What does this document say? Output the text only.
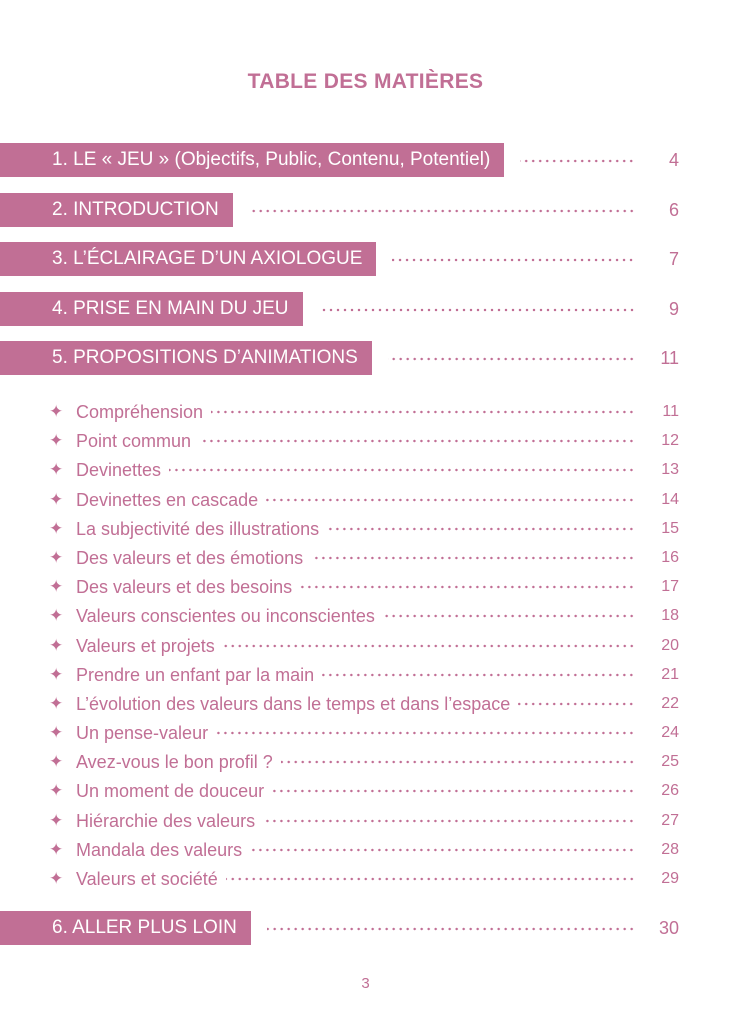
TABLE DES MATIÈRES
1. LE « JEU » (Objectifs, Public, Contenu, Potentiel)	4
2. INTRODUCTION	6
3. L’ÉCLAIRAGE D’UN AXIOLOGUE	7
4. PRISE EN MAIN DU JEU	9
5. PROPOSITIONS D’ANIMATIONS	11
✦ Compréhension	11
✦ Point commun	12
✦ Devinettes	13
✦ Devinettes en cascade	14
✦ La subjectivité des illustrations	15
✦ Des valeurs et des émotions	16
✦ Des valeurs et des besoins	17
✦ Valeurs conscientes ou inconscientes	18
✦ Valeurs et projets	20
✦ Prendre un enfant par la main	21
✦ L’évolution des valeurs dans le temps et dans l’espace	22
✦ Un pense-valeur	24
✦ Avez-vous le bon profil ?	25
✦ Un moment de douceur	26
✦ Hiérarchie des valeurs	27
✦ Mandala des valeurs	28
✦ Valeurs et société	29
6. ALLER PLUS LOIN	30
3
